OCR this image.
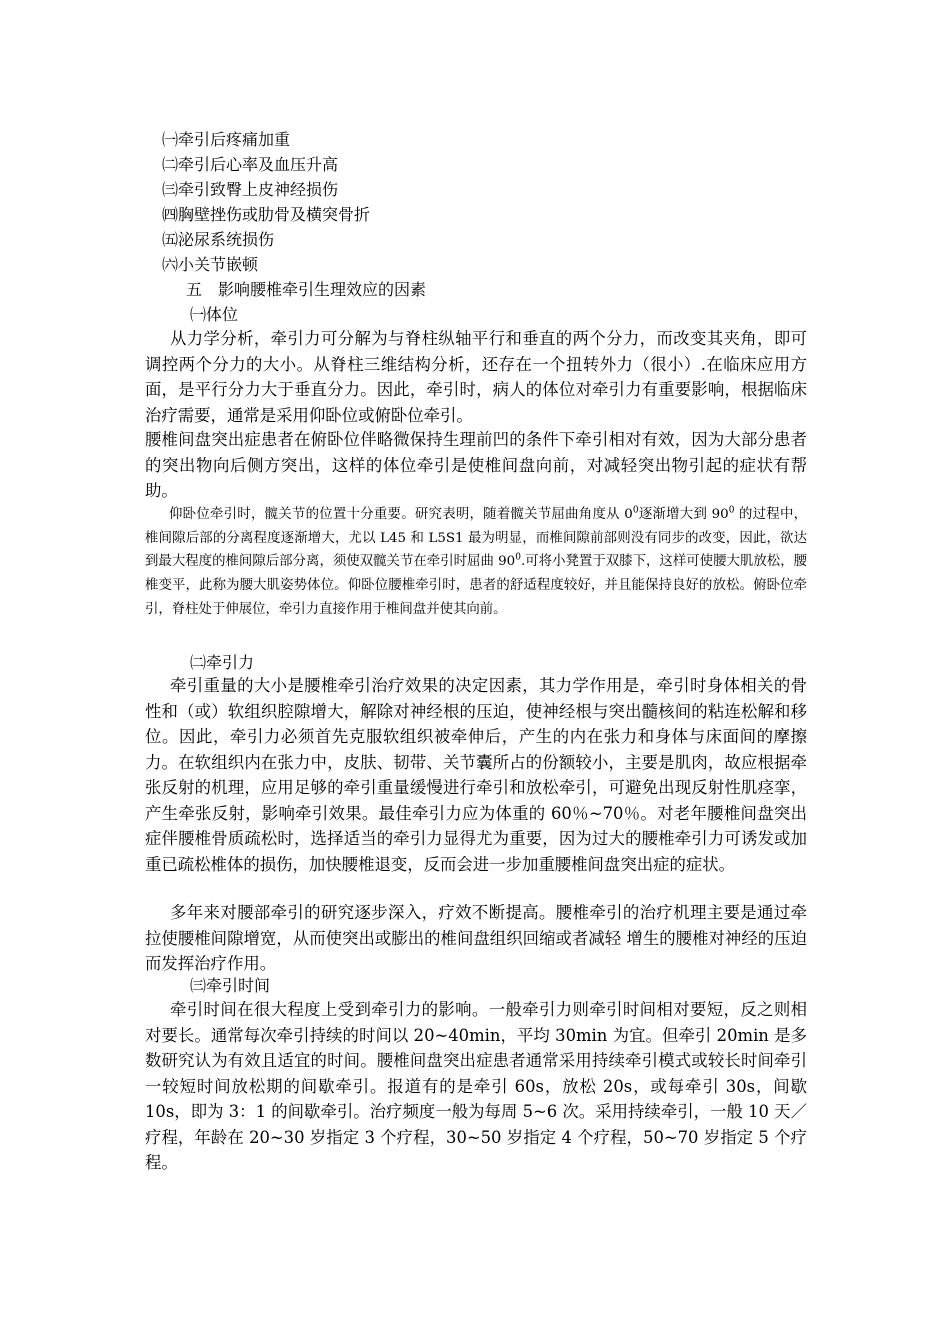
㈠牵引后疼痛加重

㈡牵引后心率及血压升高

㈢牵引致臀上皮神经损伤

㈣胸壁挫伤或肋骨及横突骨折

㈤泌尿系统损伤

㈥小关节嵌顿

五　影响腰椎牵引生理效应的因素

㈠体位

从力学分析，牵引力可分解为与脊柱纵轴平行和垂直的两个分力，而改变其夹角，即可调控两个分力的大小。从脊柱三维结构分析，还存在一个扭转外力（很小）.在临床应用方面，是平行分力大于垂直分力。因此，牵引时，病人的体位对牵引力有重要影响，根据临床治疗需要，通常是采用仰卧位或俯卧位牵引。

腰椎间盘突出症患者在俯卧位伴略微保持生理前凹的条件下牵引相对有效，因为大部分患者的突出物向后侧方突出，这样的体位牵引是使椎间盘向前，对减轻突出物引起的症状有帮助。

仰卧位牵引时，髋关节的位置十分重要。研究表明，随着髋关节屈曲角度从 $0^0$逐渐增大到 $90^0$ 的过程中，椎间隙后部的分离程度逐渐增大，尤以 L45 和 L5S1 最为明显，而椎间隙前部则没有同步的改变，因此，欲达到最大程度的椎间隙后部分离，须使双髋关节在牵引时屈曲 $90^0$.可将小凳置于双膝下，这样可使腰大肌放松，腰椎变平，此称为腰大肌姿势体位。仰卧位腰椎牵引时，患者的舒适程度较好，并且能保持良好的放松。俯卧位牵引，脊柱处于伸展位，牵引力直接作用于椎间盘并使其向前。

㈡牵引力

牵引重量的大小是腰椎牵引治疗效果的决定因素，其力学作用是，牵引时身体相关的骨性和（或）软组织腔隙增大，解除对神经根的压迫，使神经根与突出髓核间的粘连松解和移位。因此，牵引力必须首先克服软组织被牵伸后，产生的内在张力和身体与床面间的摩擦力。在软组织内在张力中，皮肤、韧带、关节囊所占的份额较小，主要是肌肉，故应根据牵张反射的机理，应用足够的牵引重量缓慢进行牵引和放松牵引，可避免出现反射性肌痉挛，产生牵张反射，影响牵引效果。最佳牵引力应为体重的 60％~70％。对老年腰椎间盘突出症伴腰椎骨质疏松时，选择适当的牵引力显得尤为重要，因为过大的腰椎牵引力可诱发或加重已疏松椎体的损伤，加快腰椎退变，反而会进一步加重腰椎间盘突出症的症状。

多年来对腰部牵引的研究逐步深入，疗效不断提高。腰椎牵引的治疗机理主要是通过牵拉使腰椎间隙增宽，从而使突出或膨出的椎间盘组织回缩或者减轻 增生的腰椎对神经的压迫而发挥治疗作用。

㈢牵引时间

牵引时间在很大程度上受到牵引力的影响。一般牵引力则牵引时间相对要短，反之则相对要长。通常每次牵引持续的时间以 20~40min，平均 30min 为宜。但牵引 20min 是多数研究认为有效且适宜的时间。腰椎间盘突出症患者通常采用持续牵引模式或较长时间牵引一较短时间放松期的间歇牵引。报道有的是牵引 60s，放松 20s，或每牵引 30s，间歇 10s，即为 3：1 的间歇牵引。治疗频度一般为每周 5~6 次。采用持续牵引，一般 10 天／疗程，年龄在 20~30 岁指定 3 个疗程，30~50 岁指定 4 个疗程，50~70 岁指定 5 个疗程。
